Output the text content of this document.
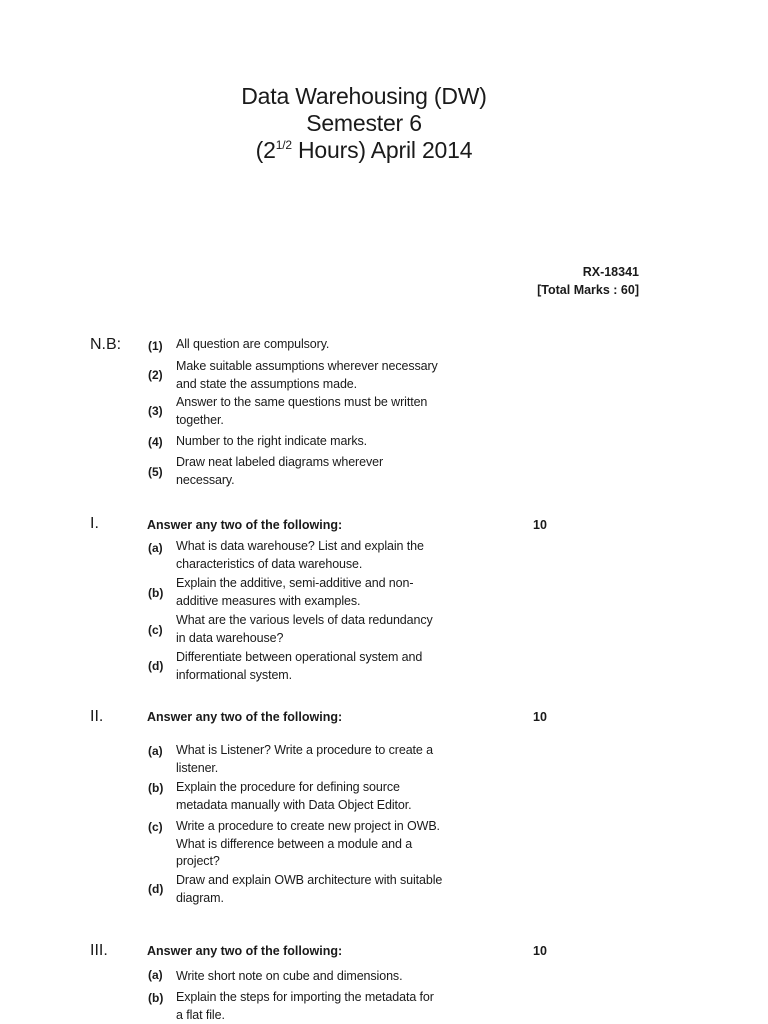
Data Warehousing (DW)
Semester 6
($2^{1/2}$ Hours) April 2014
RX-18341
[Total Marks : 60]
N.B: (1) All question are compulsory.
(2)
Make suitable assumptions wherever necessary and state the assumptions made.
(3)
Answer to the same questions must be written together.
(4) Number to the right indicate marks.
(5)
Draw neat labeled diagrams wherever necessary.
I.	Answer any two of the following:	10
(a) What is data warehouse? List and explain the characteristics of data warehouse.
(b)
Explain the additive, semi-additive and non-additive measures with examples.
(c)
What are the various levels of data redundancy in data warehouse?
(d)
Differentiate between operational system and informational system.
II.	Answer any two of the following:	10
(a) What is Listener? Write a procedure to create a listener.
(b) Explain the procedure for defining source metadata manually with Data Object Editor.
(c) Write a procedure to create new project in OWB. What is difference between a module and a project?
(d)
Draw and explain OWB architecture with suitable diagram.
III.	Answer any two of the following:	10
(a) Write short note on cube and dimensions.
(b) Explain the steps for importing the metadata for a flat file.
